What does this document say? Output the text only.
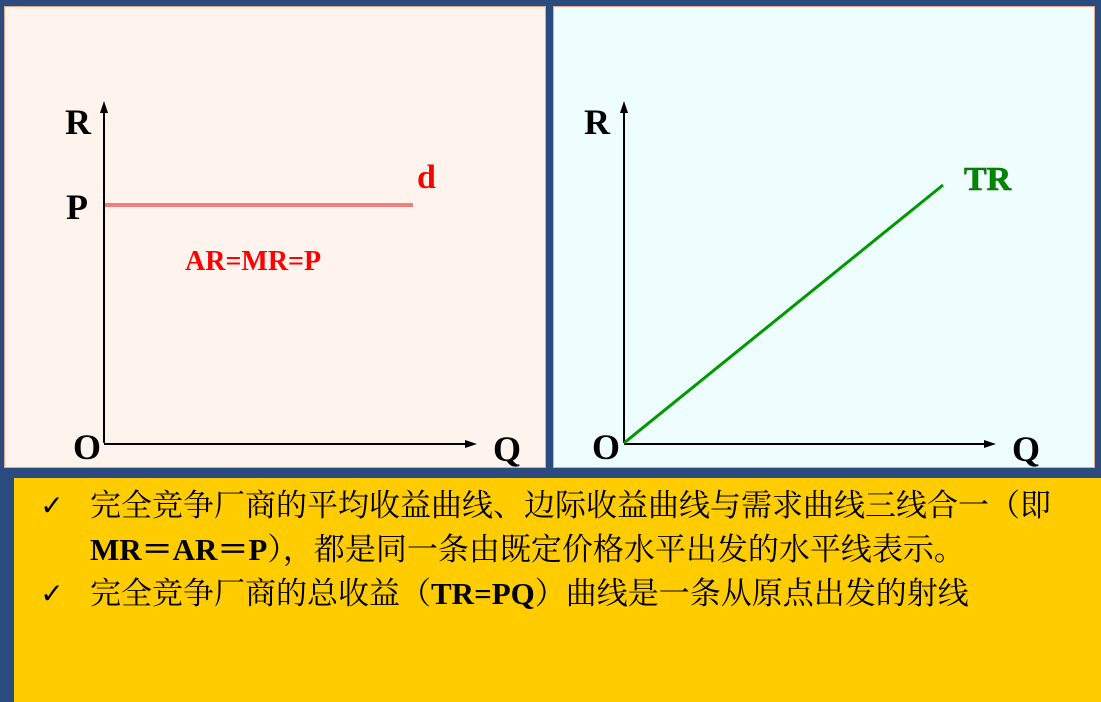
R
P
O	Q
d
AR=MR=P
R
O	Q
TR
✓ 完全竞争厂商的平均收益曲线、边际收益曲线与需求曲线三线合一（即MR＝AR＝P），都是同一条由既定价格水平出发的水平线表示。
✓ 完全竞争厂商的总收益（TR=PQ）曲线是一条从原点出发的射线
